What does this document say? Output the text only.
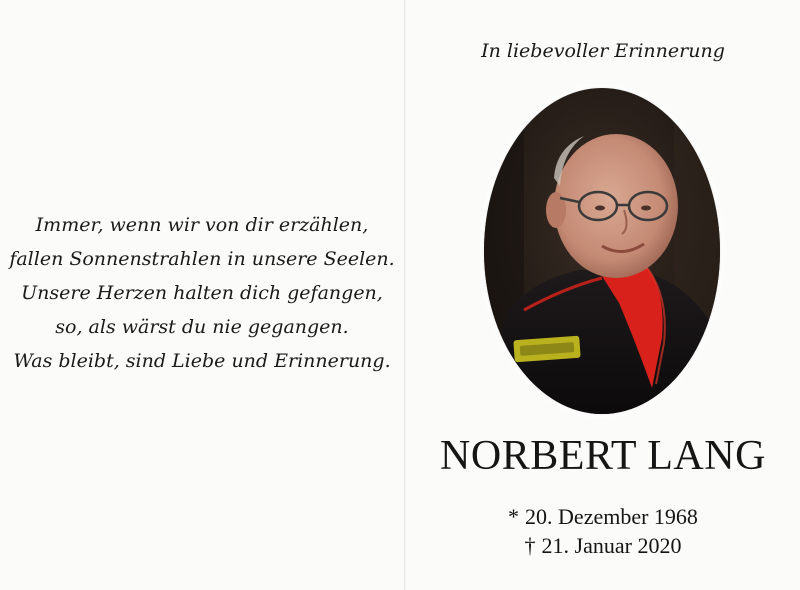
Immer, wenn wir von dir erzählen,
fallen Sonnenstrahlen in unsere Seelen.
Unsere Herzen halten dich gefangen,
so, als wärst du nie gegangen.
Was bleibt, sind Liebe und Erinnerung.
In liebevoller Erinnerung
NORBERT LANG
* 20. Dezember 1968
† 21. Januar 2020
